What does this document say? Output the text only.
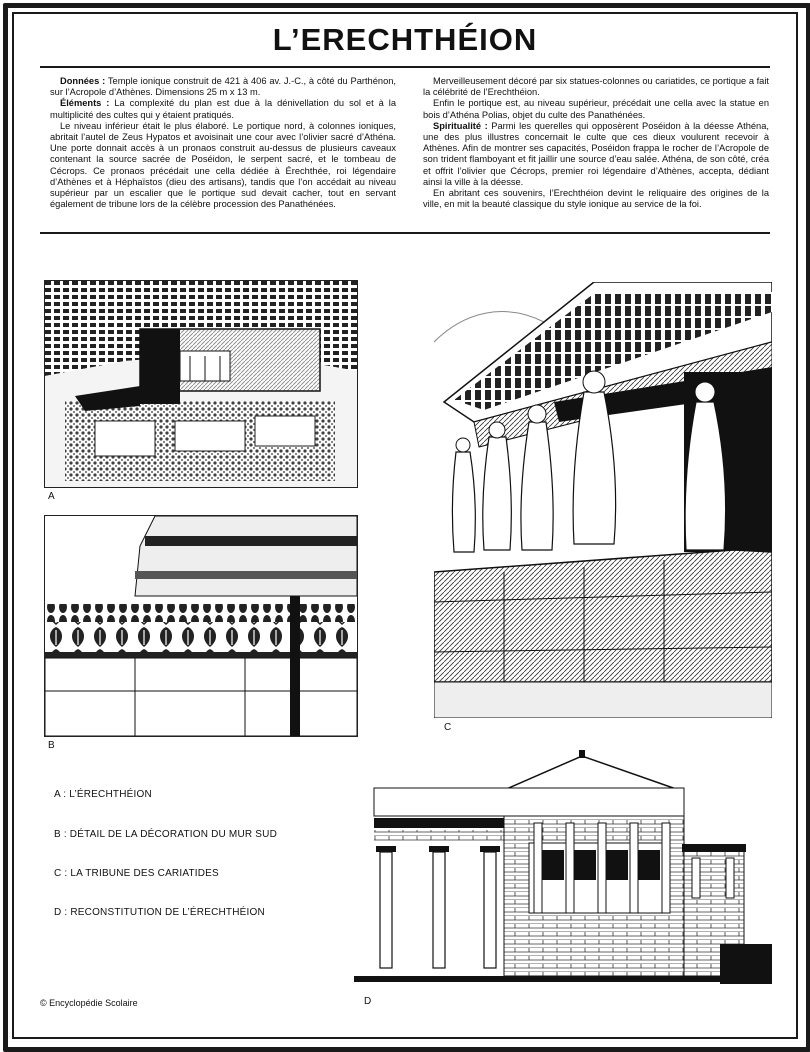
L’ERECHTHÉION

Données : Temple ionique construit de 421 à 406 av. J.-C., à côté du Parthénon, sur l’Acropole d’Athènes. Dimensions 25 m x 13 m.

Éléments : La complexité du plan est due à la dénivellation du sol et à la multiplicité des cultes qui y étaient pratiqués.

Le niveau inférieur était le plus élaboré. Le portique nord, à colonnes ioniques, abritait l’autel de Zeus Hypatos et avoisinait une cour avec l’olivier sacré d’Athéna. Une porte donnait accès à un pronaos construit au-dessus de plusieurs caveaux contenant la source sacrée de Poséidon, le serpent sacré, et le tombeau de Cécrops. Ce pronaos précédait une cella dédiée à Érechthée, roi légendaire d’Athènes et à Héphaïstos (dieu des artisans), tandis que l’on accédait au niveau supérieur par un escalier que le portique sud devait cacher, tout en servant également de tribune lors de la célèbre procession des Panathénées.

Merveilleusement décoré par six statues-colonnes ou cariatides, ce portique a fait la célébrité de l’Erechthéion.

Enfin le portique est, au niveau supérieur, précédait une cella avec la statue en bois d’Athéna Polias, objet du culte des Panathénées.

Spiritualité : Parmi les querelles qui opposèrent Poséidon à la déesse Athéna, une des plus illustres concernait le culte que ces dieux voulurent recevoir à Athènes. Afin de montrer ses capacités, Poséidon frappa le rocher de l’Acropole de son trident flamboyant et fit jaillir une source d’eau salée. Athéna, de son côté, créa et offrit l’olivier que Cécrops, premier roi légendaire d’Athènes, accepta, dédiant ainsi la ville à la déesse.

En abritant ces souvenirs, l’Erechthéion devint le reliquaire des origines de la ville, en mit la beauté classique du style ionique au service de la foi.

A
B
C
A : L’ÉRECHTHÉION
B : DÉTAIL DE LA DÉCORATION DU MUR SUD
C : LA TRIBUNE DES CARIATIDES
D : RECONSTITUTION DE L’ÉRECHTHÉION
D
© Encyclopédie Scolaire
